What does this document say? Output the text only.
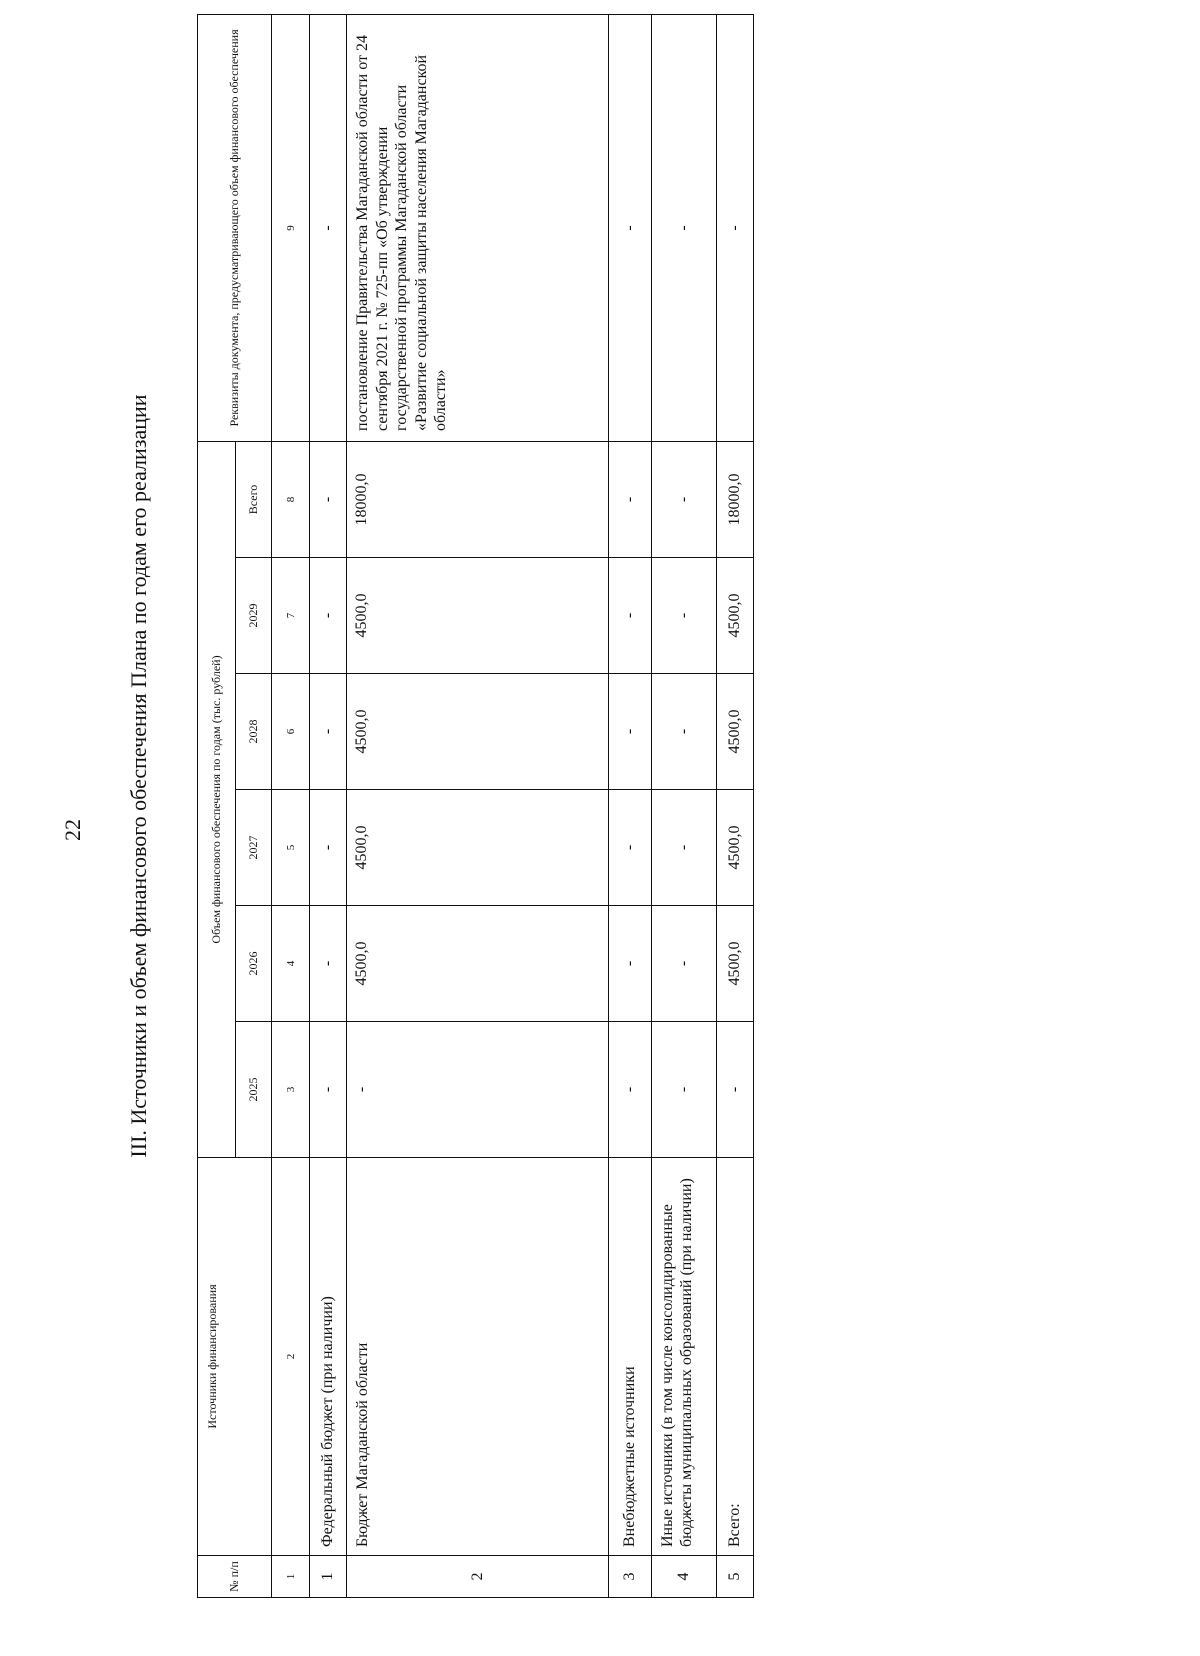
22 III. Источники и объем финансового обеспечения Плана по годам его реализации
№ п/п	Источники финансирования	Объем финансового обеспечения по годам (тыс. рублей)						Реквизиты документа, предусматривающего объем финансового обеспечения
		2025	2026	2027	2028	2029	Всего	
1	2	3	4	5	6	7	8	9
1	Федеральный бюджет (при наличии)	-	-	-	-	-	-	-
2	Бюджет Магаданской области	-	4500,0	4500,0	4500,0	4500,0	18000,0	постановление Правительства Магаданской области от 24 сентября 2021 г. № 725-пп «Об утверждении государственной программы Магаданской области «Развитие социальной защиты населения Магаданской области»
3	Внебюджетные источники	-	-	-	-	-	-	-
4	Иные источники (в том числе консолидированные бюджеты муниципальных образований (при наличии)	-	-	-	-	-	-	-
5	Всего:	-	4500,0	4500,0	4500,0	4500,0	18000,0	-
